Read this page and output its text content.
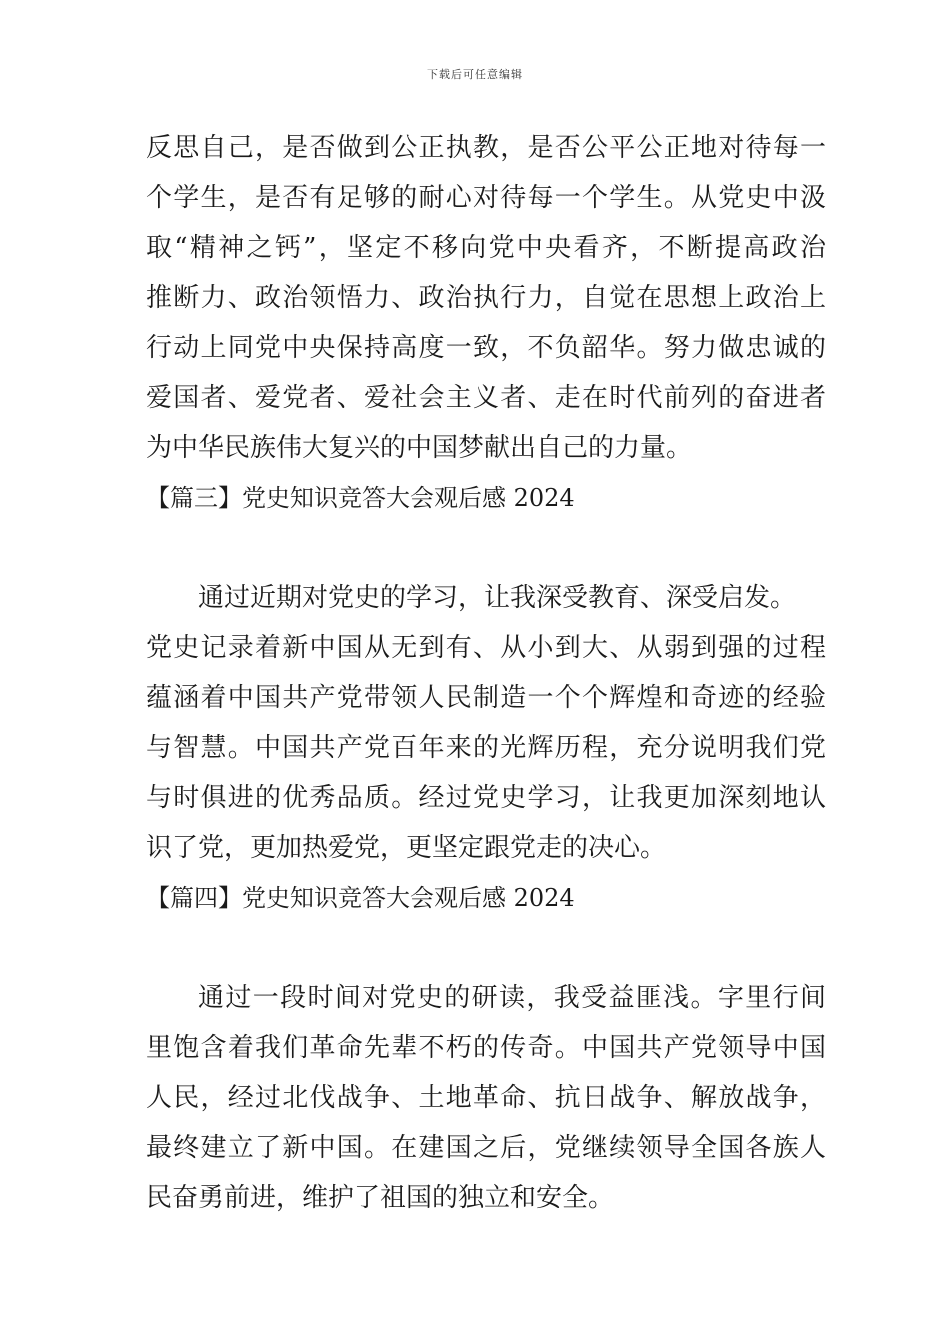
下载后可任意编辑
反思自己，是否做到公正执教，是否公平公正地对待每一
个学生，是否有足够的耐心对待每一个学生。从党史中汲
取“精神之钙”，坚定不移向党中央看齐，不断提高政治
推断力、政治领悟力、政治执行力，自觉在思想上政治上
行动上同党中央保持高度一致，不负韶华。努力做忠诚的
爱国者、爱党者、爱社会主义者、走在时代前列的奋进者
为中华民族伟大复兴的中国梦献出自己的力量。
【篇三】党史知识竞答大会观后感 2024
通过近期对党史的学习，让我深受教育、深受启发。
党史记录着新中国从无到有、从小到大、从弱到强的过程
蕴涵着中国共产党带领人民制造一个个辉煌和奇迹的经验
与智慧。中国共产党百年来的光辉历程，充分说明我们党
与时俱进的优秀品质。经过党史学习，让我更加深刻地认
识了党，更加热爱党，更坚定跟党走的决心。
【篇四】党史知识竞答大会观后感 2024
通过一段时间对党史的研读，我受益匪浅。字里行间
里饱含着我们革命先辈不朽的传奇。中国共产党领导中国
人民，经过北伐战争、土地革命、抗日战争、解放战争，
最终建立了新中国。在建国之后，党继续领导全国各族人
民奋勇前进，维护了祖国的独立和安全。
